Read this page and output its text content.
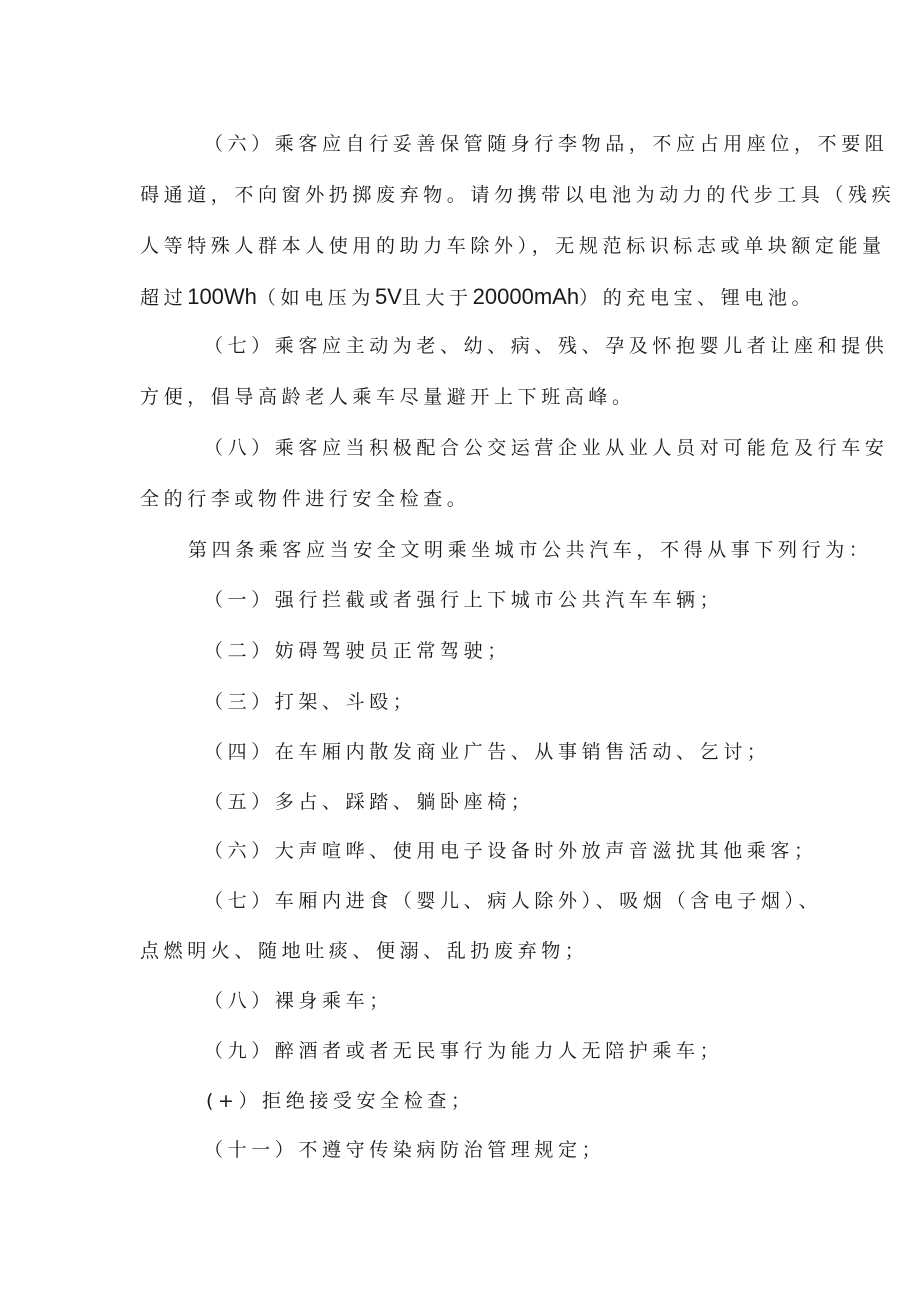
（六）乘客应自行妥善保管随身行李物品，不应占用座位，不要阻
碍通道，不向窗外扔掷废弃物。请勿携带以电池为动力的代步工具（残疾
人等特殊人群本人使用的助力车除外），无规范标识标志或单块额定能量
超过100Wh（如电压为5V且大于20000mAh）的充电宝、锂电池。
（七）乘客应主动为老、幼、病、残、孕及怀抱婴儿者让座和提供
方便，倡导高龄老人乘车尽量避开上下班高峰。
（八）乘客应当积极配合公交运营企业从业人员对可能危及行车安
全的行李或物件进行安全检查。
第四条乘客应当安全文明乘坐城市公共汽车，不得从事下列行为：
（一）强行拦截或者强行上下城市公共汽车车辆；
（二）妨碍驾驶员正常驾驶；
（三）打架、斗殴；
（四）在车厢内散发商业广告、从事销售活动、乞讨；
（五）多占、踩踏、躺卧座椅；
（六）大声喧哗、使用电子设备时外放声音滋扰其他乘客；
（七）车厢内进食（婴儿、病人除外）、吸烟（含电子烟）、
点燃明火、随地吐痰、便溺、乱扔废弃物；
（八）裸身乘车；
（九）醉酒者或者无民事行为能力人无陪护乘车；
(+）拒绝接受安全检查；
（十一）不遵守传染病防治管理规定；
